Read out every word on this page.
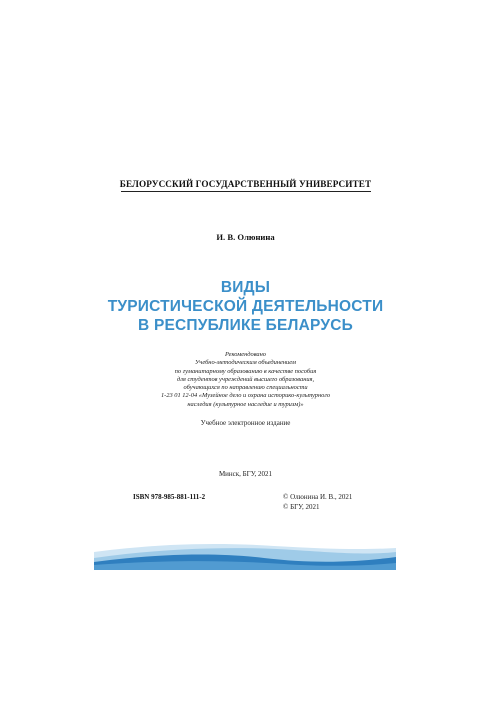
БЕЛОРУССКИЙ ГОСУДАРСТВЕННЫЙ УНИВЕРСИТЕТ
И. В. Олюнина
ВИДЫ
ТУРИСТИЧЕСКОЙ ДЕЯТЕЛЬНОСТИ
В РЕСПУБЛИКЕ БЕЛАРУСЬ
Рекомендовано
Учебно-методическим объединением
по гуманитарному образованию в качестве пособия
для студентов учреждений высшего образования,
обучающихся по направлению специальности
1-23 01 12-04 «Музейное дело и охрана историко-культурного
наследия (культурное наследие и туризм)»
Учебное электронное издание
Минск, БГУ, 2021
ISBN 978-985-881-111-2	© Олюнина И. В., 2021
© БГУ, 2021
